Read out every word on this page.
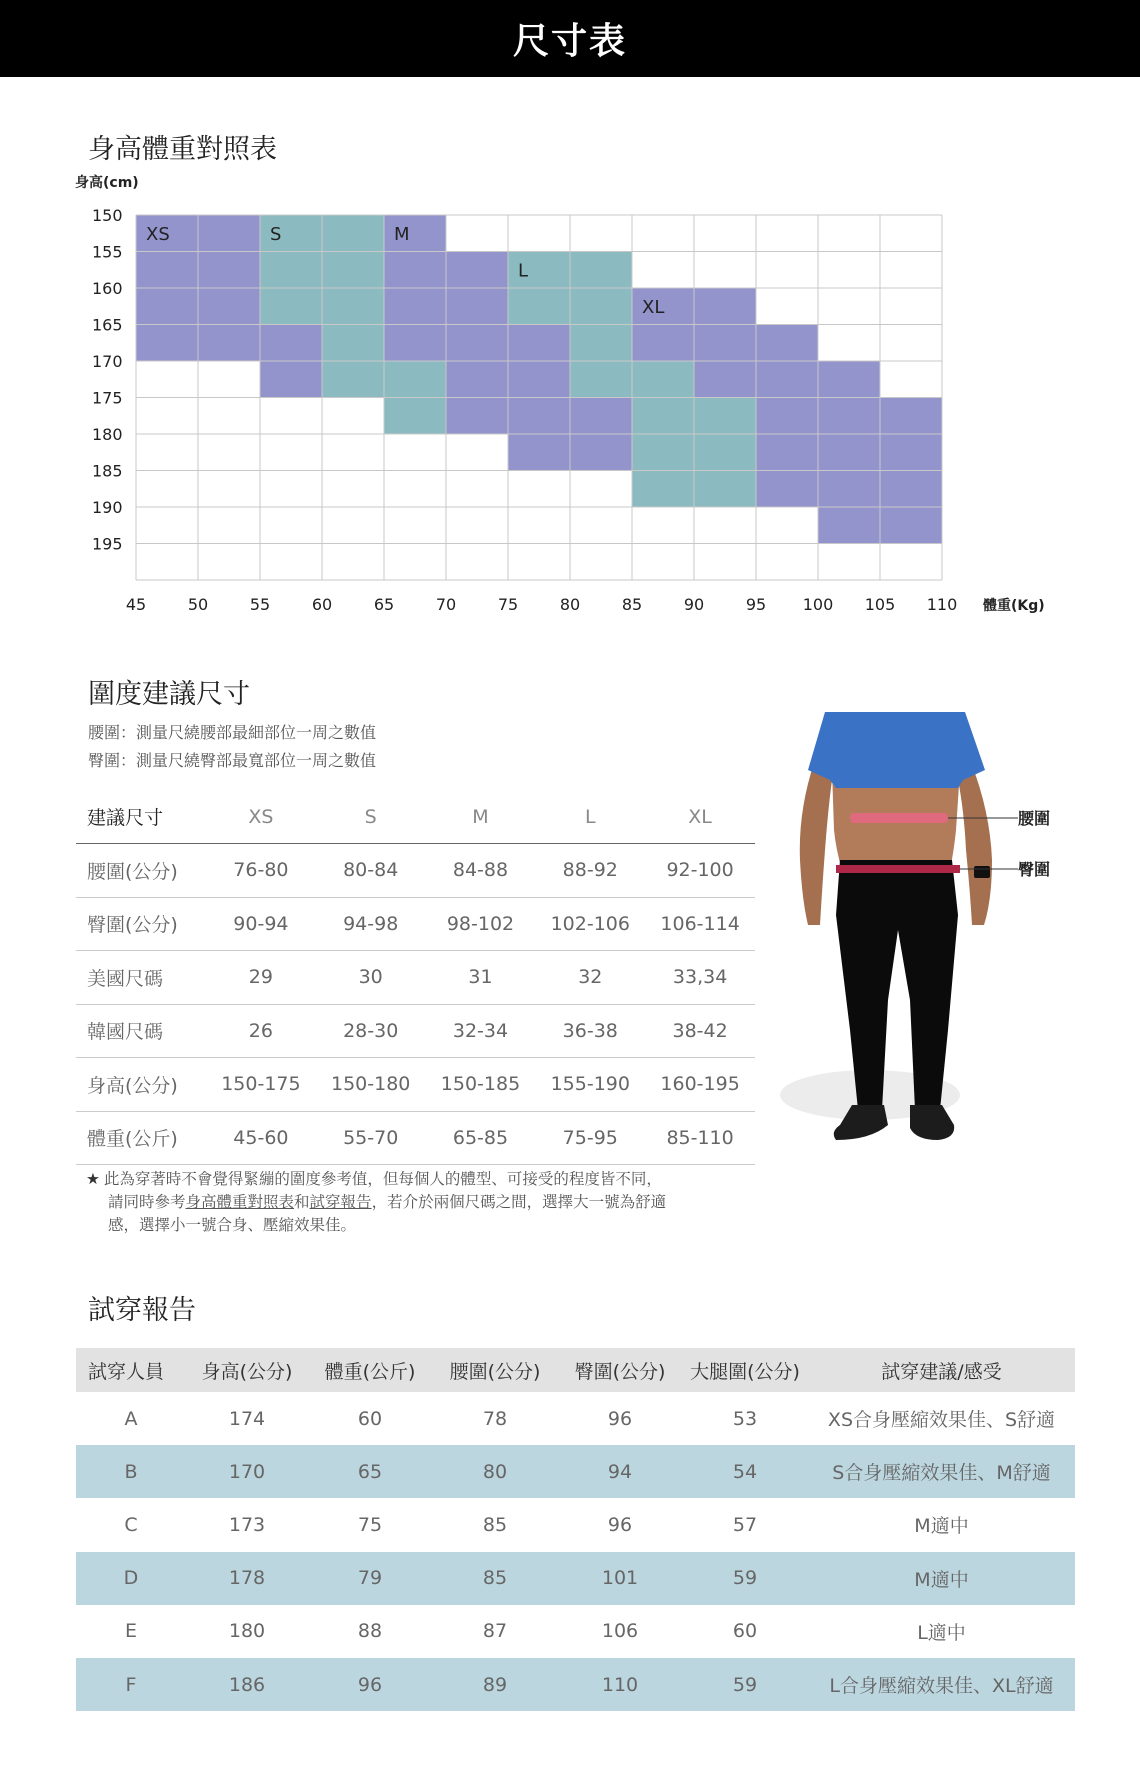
尺寸表
身高體重對照表
身高(cm)
150
155
160
165
170
175
180
185
190
195
45	50	55	60	65	70	75	80	85	90	95 100 105 110
XS	S	M
L
XL
體重(Kg)
圍度建議尺寸
腰圍：測量尺繞腰部最細部位一周之數值
臀圍：測量尺繞臀部最寬部位一周之數值
建議尺寸	XS	S	M	L	XL
腰圍(公分)	76-80	80-84	84-88	88-92	92-100
臀圍(公分)	90-94	94-98	98-102	102-106	106-114
美國尺碼	29	30	31	32	33,34
韓國尺碼	26	28-30	32-34	36-38	38-42
身高(公分)	150-175	150-180	150-185	155-190	160-195
體重(公斤)	45-60	55-70	65-85	75-95	85-110
★ 此為穿著時不會覺得緊繃的圍度參考值，但每個人的體型、可接受的程度皆不同，
請同時參考身高體重對照表和試穿報告，若介於兩個尺碼之間，選擇大一號為舒適
感，選擇小一號合身、壓縮效果佳。
腰圍
臀圍
試穿報告
試穿人員	身高(公分)	體重(公斤)	腰圍(公分)	臀圍(公分)	大腿圍(公分)	試穿建議/感受
A	174	60	78	96	53	XS合身壓縮效果佳、S舒適
B	170	65	80	94	54	S合身壓縮效果佳、M舒適
C	173	75	85	96	57	M適中
D	178	79	85	101	59	M適中
E	180	88	87	106	60	L適中
F	186	96	89	110	59	L合身壓縮效果佳、XL舒適
